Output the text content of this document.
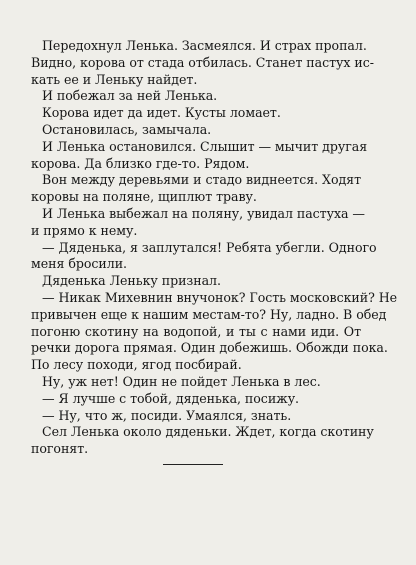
Передохнул Ленька. Засмеялся. И страх пропал.
Видно, корова от стада отбилась. Станет пастух ис-
кать ее и Леньку найдет.
И побежал за ней Ленька.
Корова идет да идет. Кусты ломает.
Остановилась, замычала.
И Ленька остановился. Слышит — мычит другая
корова. Да близко где-то. Рядом.
Вон между деревьями и стадо виднеется. Ходят
коровы на поляне, щиплют траву.
И Ленька выбежал на поляну, увидал пастуха —
и прямо к нему.
— Дяденька, я заплутался! Ребята убегли. Одного
меня бросили.
Дяденька Леньку признал.
— Никак Михевнин внучонок? Гость московский? Не
привычен еще к нашим местам-то? Ну, ладно. В обед
погоню скотину на водопой, и ты с нами иди. От
речки дорога прямая. Один добежишь. Обожди пока.
По лесу походи, ягод посбирай.
Ну, уж нет! Один не пойдет Ленька в лес.
— Я лучше с тобой, дяденька, посижу.
— Ну, что ж, посиди. Умаялся, знать.
Сел Ленька около дяденьки. Ждет, когда скотину
погонят.
